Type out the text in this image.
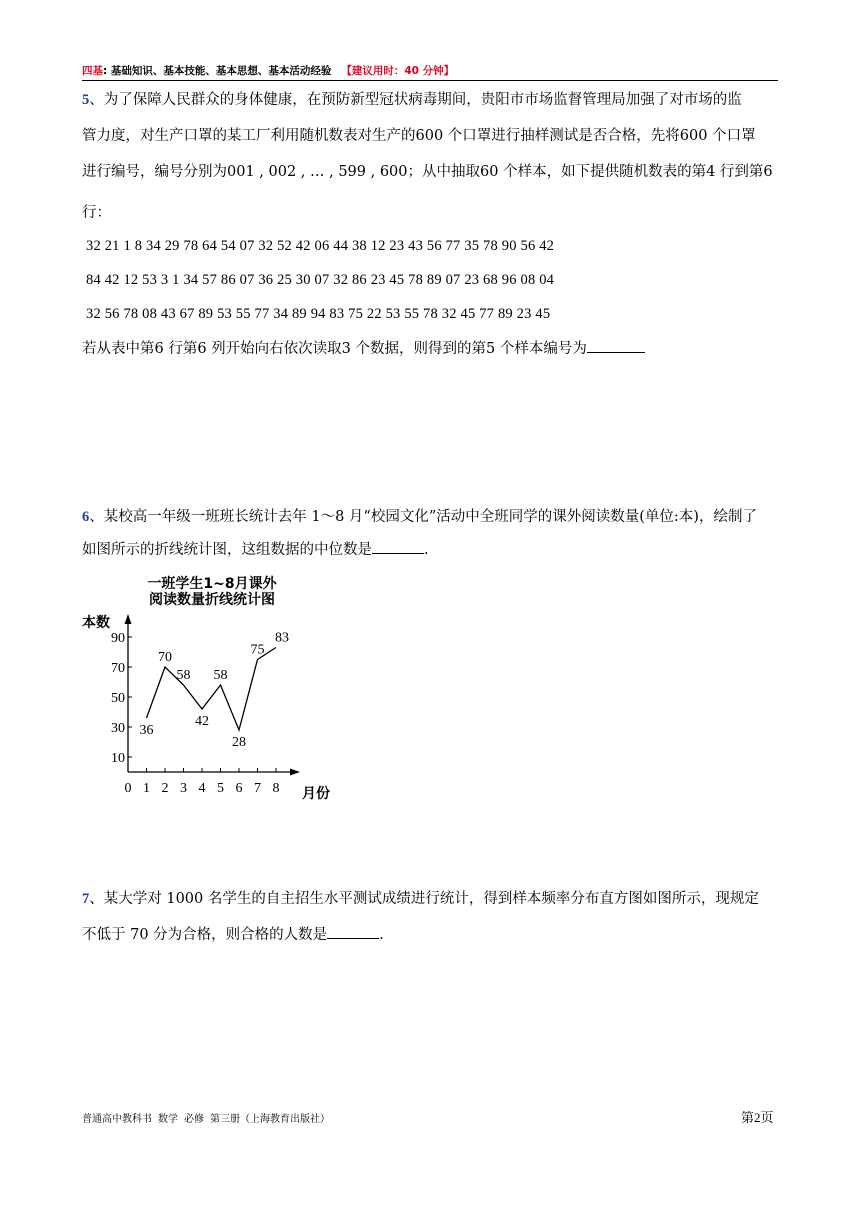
四基: 基础知识、基本技能、基本思想、基本活动经验 【建议用时：40 分钟】
5、为了保障人民群众的身体健康，在预防新型冠状病毒期间，贵阳市市场监督管理局加强了对市场的监
管力度，对生产口罩的某工厂利用随机数表对生产的600 个口罩进行抽样测试是否合格，先将600 个口罩
进行编号，编号分别为001 , 002 , … , 599 , 600；从中抽取60 个样本，如下提供随机数表的第4 行到第6
行：
32 21 1 8 34 29 78 64 54 07 32 52 42 06 44 38 12 23 43 56 77 35 78 90 56 42
84 42 12 53 3 1 34 57 86 07 36 25 30 07 32 86 23 45 78 89 07 23 68 96 08 04
32 56 78 08 43 67 89 53 55 77 34 89 94 83 75 22 53 55 78 32 45 77 89 23 45
若从表中第6 行第6 列开始向右依次读取3 个数据，则得到的第5 个样本编号为
6、某校高一年级一班班长统计去年 1～8 月“校园文化”活动中全班同学的课外阅读数量(单位:本)，绘制了
如图所示的折线统计图，这组数据的中位数是	.
一班学生1~8月课外
阅读数量折线统计图
本数
10
30
50
70
90
0 1 2 3 4 5 6 7 8
36
70
58
42
58
28
75
83
月份
7、某大学对 1000 名学生的自主招生水平测试成绩进行统计，得到样本频率分布直方图如图所示，现规定
不低于 70 分为合格，则合格的人数是	.
普通高中教科书 数学 必修 第三册（上海教育出版社）	第2页
